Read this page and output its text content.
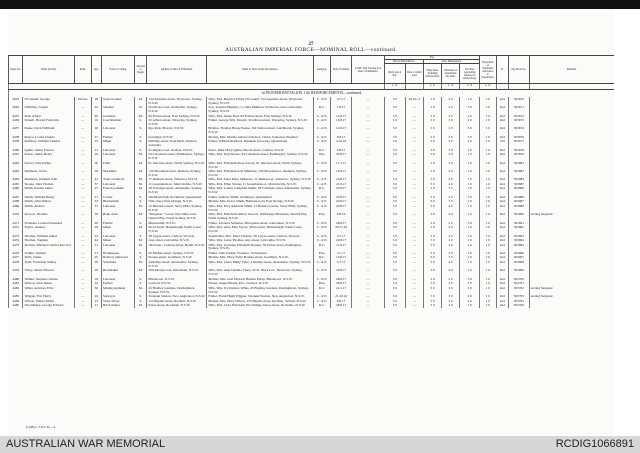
27
AUSTRALIAN IMPERIAL FORCE—NOMINAL ROLL—continued.
Regtl. No.	Name (in full).	Rank.	Age.	Trade or Calling.	Married or Single.	Address at Date of Enlistment.	Name of Next-of-kin and Address.	Religion.	Date of Joining.	A.M.F. Unit Serving in at Date of Enlistment.	Pay.					Daily Rate of Separation Allowance to Dependants.	Cl.	Pay Book No.	Remarks.
											Before Embarkation.		After Embarkation.						
											Daily rate of Pay.	Date to which paid.	Daily Rate, including Deferred Pay.	Allotment to dependants per diem.	Net Rate (excluding deferred or allotted Pay).				
											s. d.		s. d.	s. d.	s. d.	s. d.			
1st PIONEER BATTALION, 11th REINFORCEMENTS—continued.																			
4625	O'Connell, George	Private	28	Stone breaker	M.	132 Australia-street, Newtown, Sydney, N.S.W.	Wife, Mrs. Beatrice Emily O'Connell, 132 Australia-street, Newtown, Sydney, N.S.W.	C. of E.	4.7.17	—	5 0	26.10.17	5 0	4 0	1 0	1 0	2nd	303670	
4626	O'Malley, Joseph	—	42	Steamer	W.	Northcote-road, Glebeville, Sydney, N.S.W.	Son, Joseph O'Malley, c/o John Mulhern, Northcote-road, Glebeville, Sydney, N.S.W.	R.C.	1.8.17	—	5 0	—	5 0	2 0	3 0	1 0	2nd	303671	
4455	Park, Albert	—	40	Gardener	M.	84 Forbes-street, East Sydney, N.S.W.	Wife, Mrs. Jessie Park, 84 Forbes-street, East Sydney, N.S.W.	C. of E.	15.8.17	—	5 0	—	5 0	3 0	2 0	1 0	2nd	303672	
4456	Parnell, Harold Frederick	—	19	Coachbuilder	S.	32 Albion-street, Waverley, Sydney, N.S.W.	Father, George Wm. Parnell, 32 Albion-street, Waverley, Sydney, N.S.W.	C. of E.	16.8.17	—	5 0	—	5 0	3 0	2 0	1 0	2nd	303673	
4457	Peeke, David William	—	26	Labourer	S.	Rye Park, Bowral, N.S.W.	Brother, Thomas Henry Peeke, 102 Station-street, Leichhardt, Sydney, N.S.W.	C. of E.	14.8.17	—	5 0	—	5 0	2 0	3 0	1 0	2nd	303674	
4458	Pearce, Lionel Claude	—	27	Farmer	S.	Kurringai, N.S.W.	Mother, Mrs. Martha Ashwood Pearce, Chard, Somerset, England	C. of E.	8.8.17	—	5 0	—	5 0	2 0	3 0	1 0	2nd	303676	
4459	Pettiford, William Charles	—	25	Miner	S.	480 Hay-street, East Perth, Western Australia	Father, William Pettiford, Dunkeen (Gowrie), Queensland	C. of E.	4.10.16	—	5 0	—	5 0	3 0	2 0	1 0	3rd	303677	
4460	Quinn, James Francis	—	21	Labourer	S.	Southgate-road, Grafton, N.S.W.	Sister, Miss Mary Quinn, Bacon-street, Grafton, N.S.W.	R.C.	6.8.17	—	5 0	—	5 0	3 0	2 0	1 0	2nd	303678	
4461	Rouse, James Henry	—	26	Labourer	M.	64 Caledonia-street, Paddington, Sydney, N.S.W.	Wife, Mrs. Katy Rouse, 64 Caledonia-street, Paddington, Sydney, N.S.W.	Wes.	20.8.17	—	5 0	—	5 0	4 0	1 0	1 0	2nd	303679	
4462	Savory, Edwin Hart	—	36	Fitter	M.	81 Junction-street, North Sydney, N.S.W.	Wife, Mrs. Elizabeth Rose Savory, 81 Junction-street, North Sydney, N.S.W.	C. of E.	17.1.17	—	5 0	—	5 0	3 0	2 0	1 0	2nd	303681	
4463	Simmons, Victor	—	39	Machinist	M.	130 Moreland-street, Redfern, Sydney, N.S.W.	Wife, Mrs. Elizabeth Ada Simmons, 130 Moreland-st., Redfern, Sydney, N.S.W.	C. of E.	16.8.17	—	5 0	—	5 0	4 0	1 0	1 0	2nd	303683	
4464	Simmons, William John	—	41	Tram conductor	M.	17 Denison-street, Waterloo, N.S.W.	Wife, Mrs. Janet Mary Simmons, 17 Denison-st., Waterloo, Sydney, N.S.W.	C. of E.	16.8.17	—	5 0	—	5 0	4 0	1 0	1 0	2nd	303684	
4465	Sloane, John Thomas	—	37	Labourer	M.	11 Greenlands-st., Marrickville, N.S.W.	Wife, Mrs. Ellen Sloane, 11 Greenlands-st., Marrickville, N.S.W.	C. of E.	21.8.17	—	5 0	—	5 0	4 0	1 0	1 0	2nd	303685	
4466	Smith, Patrick James	—	27	French polisher	M.	28 Trafalgar-street, Annandale, Sydney, N.S.W.	Wife, Mrs. Louisa Campbell Smith, 28 Trafalgar-street, Annandale, Sydney, N.S.W.	R.C.	20.8.17	—	5 0	—	5 0	3 0	2 0	1 0	2nd	303686	
4467	Smith, William Henry	—	21	Carrier	S.	Wickham Park, Rockfield, Queensland	Father, Andrew Smith, Glenmead, Queensland	C. of E.	20.8.17	—	5 0	—	5 0	2 0	3 0	1 0	2nd	303689	
4468	Smith, John Dalton	—	33	Blacksmith	S.	Nile-street, East Orange, N.S.W.	Mother, Mrs. Grace Smith, Bathurst-road, East Orange, N.S.W.	C. of E.	20.8.17	—	5 0	—	5 0	3 0	2 0	1 0	2nd	303687	
4469	Smith, Andrew	—	37	Labourer	M.	12 Beaufort-street, Surry Hills, Sydney, N.S.W.	Wife, Mrs. Elvy Adelaide Smith, 12 Beaufort-street, Surry Hills, Sydney, N.S.W.	C. of E.	20.8.17	—	5 0	—	5 0	4 0	1 0	1 0	2nd	303688	
4470	Stewart, Thomas	—	39	Bank clerk	M.	"Kingston," Lower Wycombe-road, Neutral Bay, North Sydney, N.S.W.	Wife, Mrs. Elizabeth Jeffrey Stewart, Wallaringa Mansions, Neutral Bay, North Sydney, N.S.W.	Pres.	8.8.16	—	5 0	—	5 0	4 0	1 0	1 0	2nd	303690	Acting Sergeant
4471	Stanislas, Leonard Kennard	—	20	Farmer	S.	Murrurundi, N.S.W.	Father, Leonard Stanislas, Macquarie-street, Glen Innes, N.S.W.	C. of E.	28.8.17	—	5 0	—	5 0	2 0	3 0	1 0	2nd	303691	
4472	Taylor, Andrew	—	29	Miner	M.	Short-street, Helensburgh South Coast, N.S.W.	Wife, Mrs. Alice May Taylor, Short-street, Helensburgh South Coast, N.S.W.	C. of E.	28.11.16	—	5 0	—	5 0	4 0	1 0	1 0	2nd	303692	
4473	Thomas, William James	—	22	Labourer	S.	38 Lygon-street, Carlton, Victoria	Stepmother, Mrs. Mary Thomas, 38 Lygon-street, Carlton, Victoria	C. of E.	3.7.17	—	5 0	—	5 0	2 0	3 0	1 0	2nd	303693	
4474	Thomas, Stephen	—	44	Miner	M.	Any-street, Lidcombe, N.S.W.	Wife, Mrs. Lucie Thomas, Any-street, Lidcombe, N.S.W.	C. of E.	29.8.17	—	5 0	—	5 0	4 0	1 0	1 0	2nd	303694	
4475	Tiernan, Michael Charles Percival	—	31	Labourer	M.	"Rowena," Jackson-street, Bondi, N.S.W.	Wife, Mrs. Gertrude Elizabeth Tiernan, 78 Union-street, Paddington, Sydney, N.S.W.	R.C.	11.8.17	—	5 0	—	5 0	3 0	2 0	1 0	2nd	303695	
4476	Tonkin, Samuel	—	21	Bookkeeper	S.	20 Market-street, Sydney, N.S.W.	Father, John Tonkin, Clarence, Swinseland	Pres.	3.7.17	—	5 0	—	5 0	3 0	2 0	1 0	2nd	303696	
4477	Tully, James	—	29	Railway employee	S.	Sloane-street, Goulburn, N.S.W.	Mother, Mrs. Mary Tully, Bourke-street, Goulburn, N.S.W.	R.C.	14.8.17	—	5 0	—	5 0	3 0	2 0	1 0	2nd	303697	
4478	Tyler, Frederick Sidney	—	29	Storeman	M.	4 Dudley-street, Alexandria, Sydney, N.S.W.	Wife, Mrs. Laura Emily Tyler, 4 Dudley-street, Alexandria, Sydney, N.S.W.	C. of E.	3.7.17	—	5 0	—	5 0	4 0	1 0	1 0	2nd	303698	
4479	Viney, Albert Edward	—	29	Bootmaker	M.	269 Albany-road, Petersham, N.S.W.	Wife, Mrs. Amy Isabella Viney, 42 St. Mary's-rd., Newtown, Sydney, N.S.W.	C. of E.	20.8.17	—	5 0	—	5 0	4 0	1 0	1 0	2nd	303699	
4480	Walker, Stephen Charles	—	18	Labourer	S.	Blacktown, N.S.W.	Mother, Mrs. Jane Monson Burkett Purdy, Blacktown, N.S.W.	C. of E.	28.8.17	—	5 0	—	5 0	2 0	3 0	1 0	2nd	303700	
4481	Watson, John James	—	24	Farmer	S.	Gosford, N.S.W.	Friend, Angus Beatty, P.O., Gosford, N.S.W.	Pres.	28.8.17	—	5 0	—	5 0	3 0	2 0	1 0	2nd	303701	
4482	Wilks, Ardmore Ellis	—	30	Mining engineer	M.	45 Bradley Gardens, Darlinghurst, Sydney, N.S.W.	Wife, Mrs. Ivy Ranlow Wilks, 45 Bradley Gardens, Darlinghurst, Sydney, N.S.W.	R.C.	22.1.17	—	5 0	—	5 0	3 0	2 0	1 0	2nd	303702	Acting Sergeant
4483	Wiggan, Eric Harry	—	24	Surveyor	S.	Taranaki Station, New Angledool, N.S.W.	Father, Frank Hugh Wiggan, Taranaki Station, New Angledool, N.S.W.	C. of E.	21.10.16	—	5 0	—	5 0	3 0	2 0	1 0	2nd	303703	Acting Sergeant
4484	Wilson, Walter Smith	—	23	Stone driver	S.	133 Baptist-street, Redfern, N.S.W.	Mother, Mrs. Mary Wilson, 133 Baptist-street, Redfern, Sydney, N.S.W.	C. of E.	8.8.17	—	5 0	—	5 0	3 0	2 0	1 0	2nd	303705	
4485	Wooldridge, George Edward	—	21	Brick maker	M.	Knox-street, Rockdale, N.S.W.	Wife, Mrs. Clara Elizabeth Wooldridge, Knox-street, Rockdale, N.S.W.	R.C.	28.8.17	—	5 0	—	5 0	4 0	1 0	1 0	2nd	303706	
(c.000)—5 P.S. D.—4
AUSTRALIAN WAR MEMORIAL	RCDIG1066891
